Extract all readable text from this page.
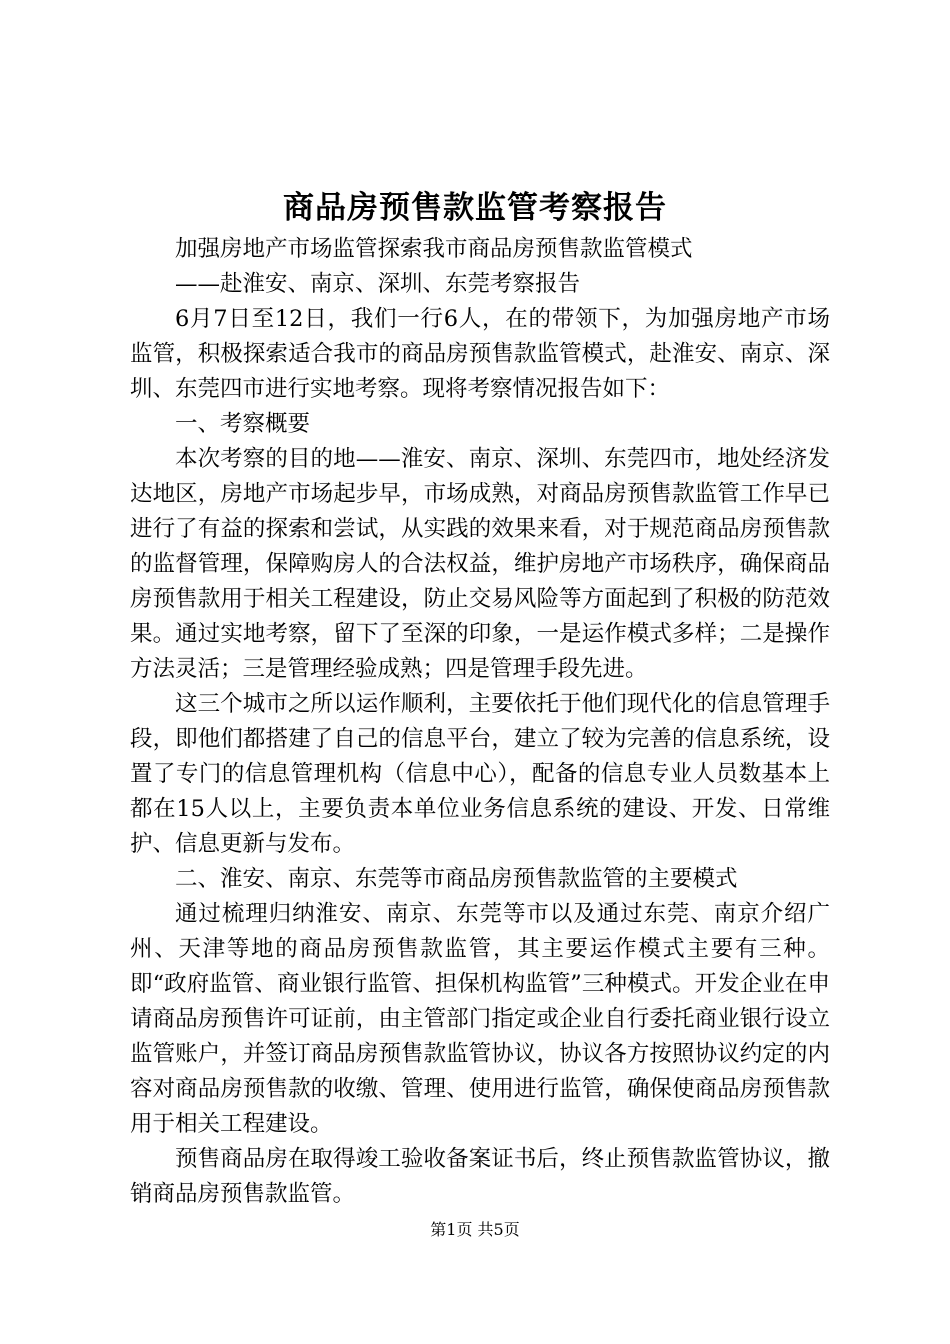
商品房预售款监管考察报告

加强房地产市场监管探索我市商品房预售款监管模式

——赴淮安、南京、深圳、东莞考察报告

6月7日至12日，我们一行6人，在的带领下，为加强房地产市场监管，积极探索适合我市的商品房预售款监管模式，赴淮安、南京、深圳、东莞四市进行实地考察。现将考察情况报告如下：

一、考察概要

本次考察的目的地——淮安、南京、深圳、东莞四市，地处经济发达地区，房地产市场起步早，市场成熟，对商品房预售款监管工作早已进行了有益的探索和尝试，从实践的效果来看，对于规范商品房预售款的监督管理，保障购房人的合法权益，维护房地产市场秩序，确保商品房预售款用于相关工程建设，防止交易风险等方面起到了积极的防范效果。通过实地考察，留下了至深的印象，一是运作模式多样；二是操作方法灵活；三是管理经验成熟；四是管理手段先进。

这三个城市之所以运作顺利，主要依托于他们现代化的信息管理手段，即他们都搭建了自己的信息平台，建立了较为完善的信息系统，设置了专门的信息管理机构（信息中心），配备的信息专业人员数基本上都在15人以上，主要负责本单位业务信息系统的建设、开发、日常维护、信息更新与发布。

二、淮安、南京、东莞等市商品房预售款监管的主要模式

通过梳理归纳淮安、南京、东莞等市以及通过东莞、南京介绍广州、天津等地的商品房预售款监管，其主要运作模式主要有三种。即“政府监管、商业银行监管、担保机构监管”三种模式。开发企业在申请商品房预售许可证前，由主管部门指定或企业自行委托商业银行设立监管账户，并签订商品房预售款监管协议，协议各方按照协议约定的内容对商品房预售款的收缴、管理、使用进行监管，确保使商品房预售款用于相关工程建设。

预售商品房在取得竣工验收备案证书后，终止预售款监管协议，撤销商品房预售款监管。

第1页 共5页
